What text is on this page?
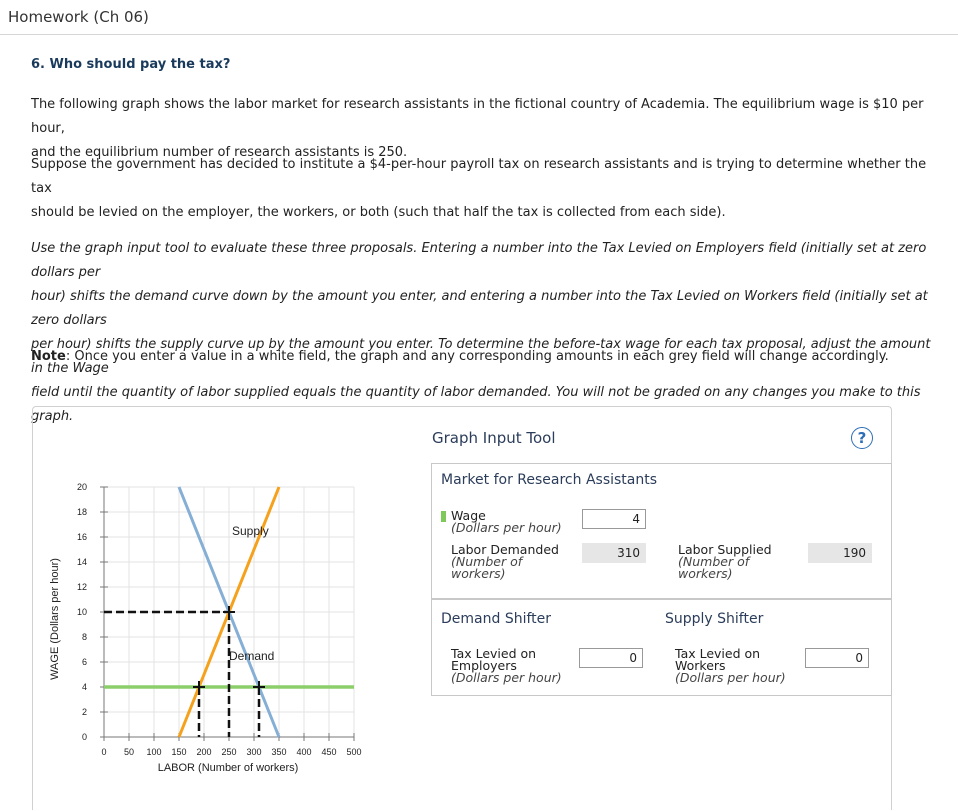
Homework (Ch 06)
6. Who should pay the tax?
The following graph shows the labor market for research assistants in the fictional country of Academia. The equilibrium wage is $10 per hour,
and the equilibrium number of research assistants is 250.
Suppose the government has decided to institute a $4-per-hour payroll tax on research assistants and is trying to determine whether the tax
should be levied on the employer, the workers, or both (such that half the tax is collected from each side).
Use the graph input tool to evaluate these three proposals. Entering a number into the Tax Levied on Employers field (initially set at zero dollars per
hour) shifts the demand curve down by the amount you enter, and entering a number into the Tax Levied on Workers field (initially set at zero dollars
per hour) shifts the supply curve up by the amount you enter. To determine the before-tax wage for each tax proposal, adjust the amount in the Wage
field until the quantity of labor supplied equals the quantity of labor demanded. You will not be graded on any changes you make to this graph.
Note: Once you enter a value in a white field, the graph and any corresponding amounts in each grey field will change accordingly.
0 50 100 150 200 250 300 350 400 450 500
0
2
4
6
8
10
12
14
16
18
20
WAGE (Dollars per hour)
LABOR (Number of workers)
Supply
Demand
Graph Input Tool	?
Market for Research Assistants
Wage
(Dollars per hour)
4
Labor Demanded
(Number of
workers)
310	Labor Supplied
(Number of
workers)
190
Demand Shifter
Tax Levied on
Employers
(Dollars per hour)
0
Supply Shifter
Tax Levied on
Workers
(Dollars per hour)
0
